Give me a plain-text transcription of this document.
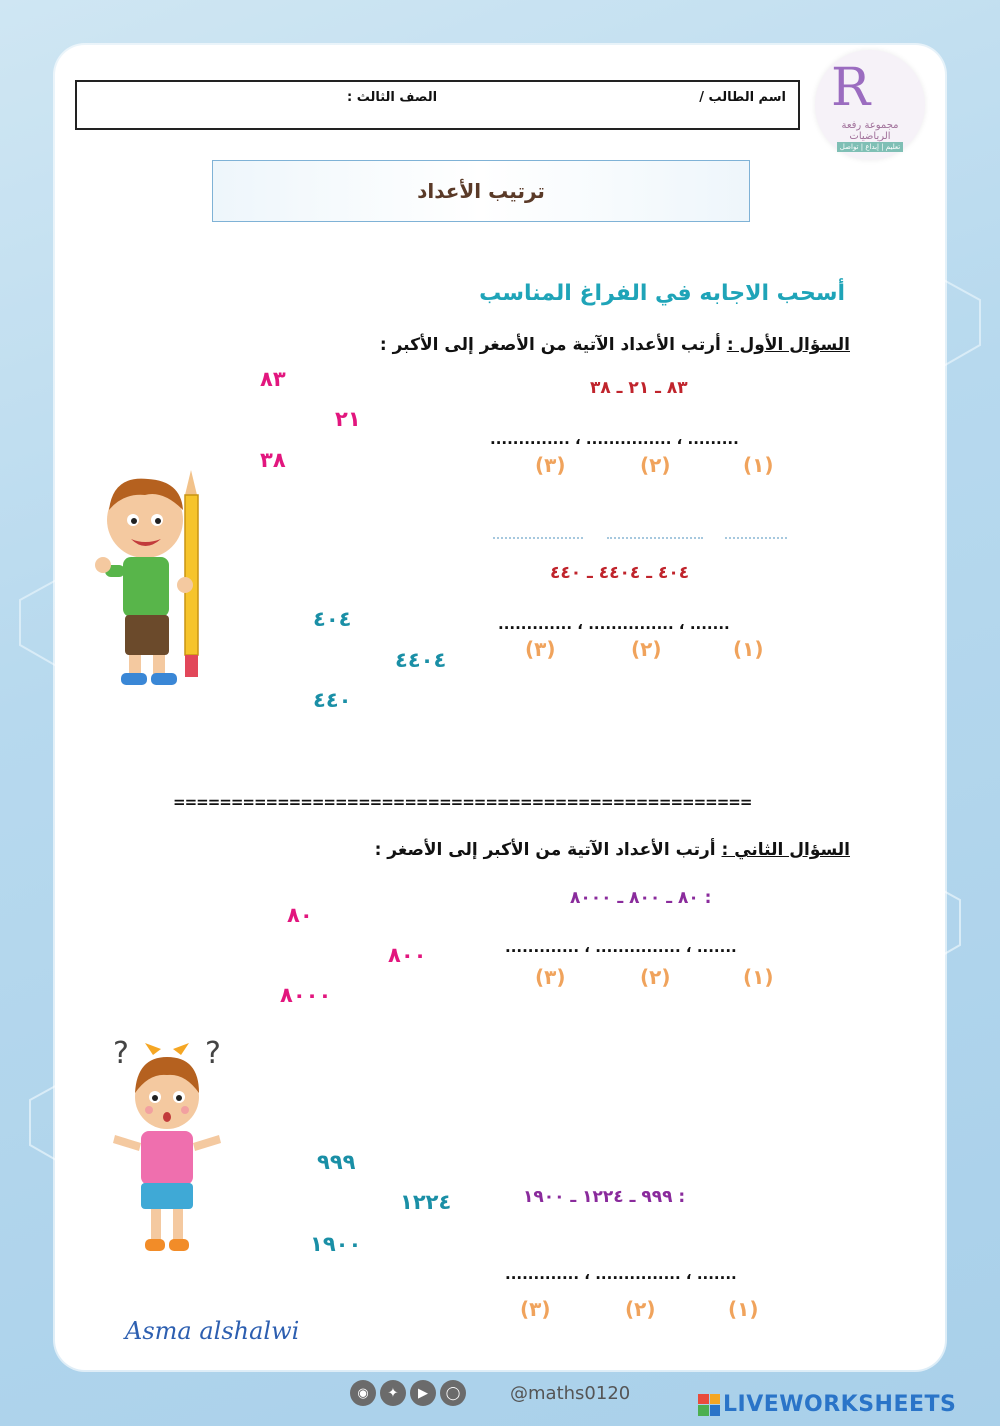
اسم الطالب /
الصف الثالث :	R
مجموعة رفعة الرياضيات
تعليم | إبداع | تواصل
ترتيب الأعداد
أسحب الاجابه في الفراغ المناسب
السؤال الأول : أرتب الأعداد الآتية من الأصغر إلى الأكبر :
٨٣ ـ ٢١ ـ ٣٨
......... ، ............... ، ..............
(١)
(٢)
(٣)
٨٣
٢١
٣٨
٤٠٤ ـ ٤٤٠٤ ـ ٤٤٠
....... ، ............... ، .............
(١)
(٢)
(٣)
٤٠٤
٤٤٠٤
٤٤٠
==================================================
السؤال الثاني : أرتب الأعداد الآتية من الأكبر إلى الأصغر :
: ٨٠ ـ ٨٠٠ ـ ٨٠٠٠
....... ، ............... ، .............
(١)
(٢)
(٣)
٨٠
٨٠٠
٨٠٠٠
?	?
٩٩٩
١٢٢٤
١٩٠٠
: ٩٩٩ ـ ١٢٢٤ ـ ١٩٠٠
....... ، ............... ، .............
(١)
(٢)
(٣)
Asma alshalwi
◉	✦	▶	◯	@maths0120	LIVEWORKSHEETS
